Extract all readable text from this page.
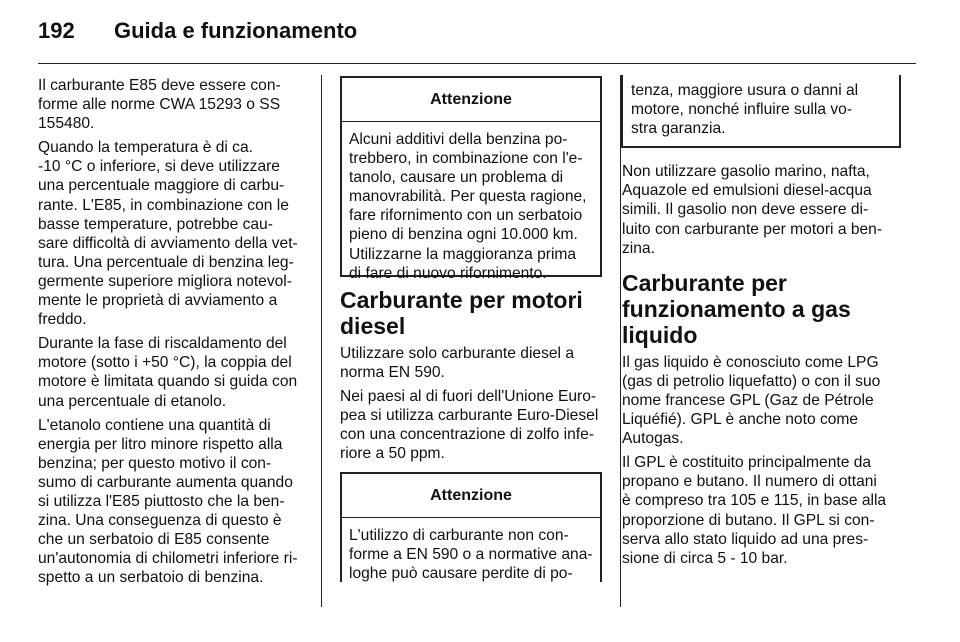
192 Guida e funzionamento

Il carburante E85 deve essere con-
forme alle norme CWA 15293 o SS
155480.

Quando la temperatura è di ca.
-10 °C o inferiore, si deve utilizzare
una percentuale maggiore di carbu-
rante. L'E85, in combinazione con le
basse temperature, potrebbe cau-
sare difficoltà di avviamento della vet-
tura. Una percentuale di benzina leg-
germente superiore migliora notevol-
mente le proprietà di avviamento a
freddo.

Durante la fase di riscaldamento del
motore (sotto i +50 °C), la coppia del
motore è limitata quando si guida con
una percentuale di etanolo.

L'etanolo contiene una quantità di
energia per litro minore rispetto alla
benzina; per questo motivo il con-
sumo di carburante aumenta quando
si utilizza l'E85 piuttosto che la ben-
zina. Una conseguenza di questo è
che un serbatoio di E85 consente
un'autonomia di chilometri inferiore ri-
spetto a un serbatoio di benzina.

Attenzione
Alcuni additivi della benzina po-
trebbero, in combinazione con l'e-
tanolo, causare un problema di
manovrabilità. Per questa ragione,
fare rifornimento con un serbatoio
pieno di benzina ogni 10.000 km.
Utilizzarne la maggioranza prima
di fare di nuovo rifornimento.
Carburante per motori
diesel

Utilizzare solo carburante diesel a
norma EN 590.

Nei paesi al di fuori dell'Unione Euro-
pea si utilizza carburante Euro-Diesel
con una concentrazione di zolfo infe-
riore a 50 ppm.

Attenzione
L'utilizzo di carburante non con-
forme a EN 590 o a normative ana-
loghe può causare perdite di po-
tenza, maggiore usura o danni al
motore, nonché influire sulla vo-
stra garanzia.

Non utilizzare gasolio marino, nafta,
Aquazole ed emulsioni diesel-acqua
simili. Il gasolio non deve essere di-
luito con carburante per motori a ben-
zina.

Carburante per
funzionamento a gas
liquido

Il gas liquido è conosciuto come LPG
(gas di petrolio liquefatto) o con il suo
nome francese GPL (Gaz de Pétrole
Liquéfié). GPL è anche noto come
Autogas.

Il GPL è costituito principalmente da
propano e butano. Il numero di ottani
è compreso tra 105 e 115, in base alla
proporzione di butano. Il GPL si con-
serva allo stato liquido ad una pres-
sione di circa 5 - 10 bar.
